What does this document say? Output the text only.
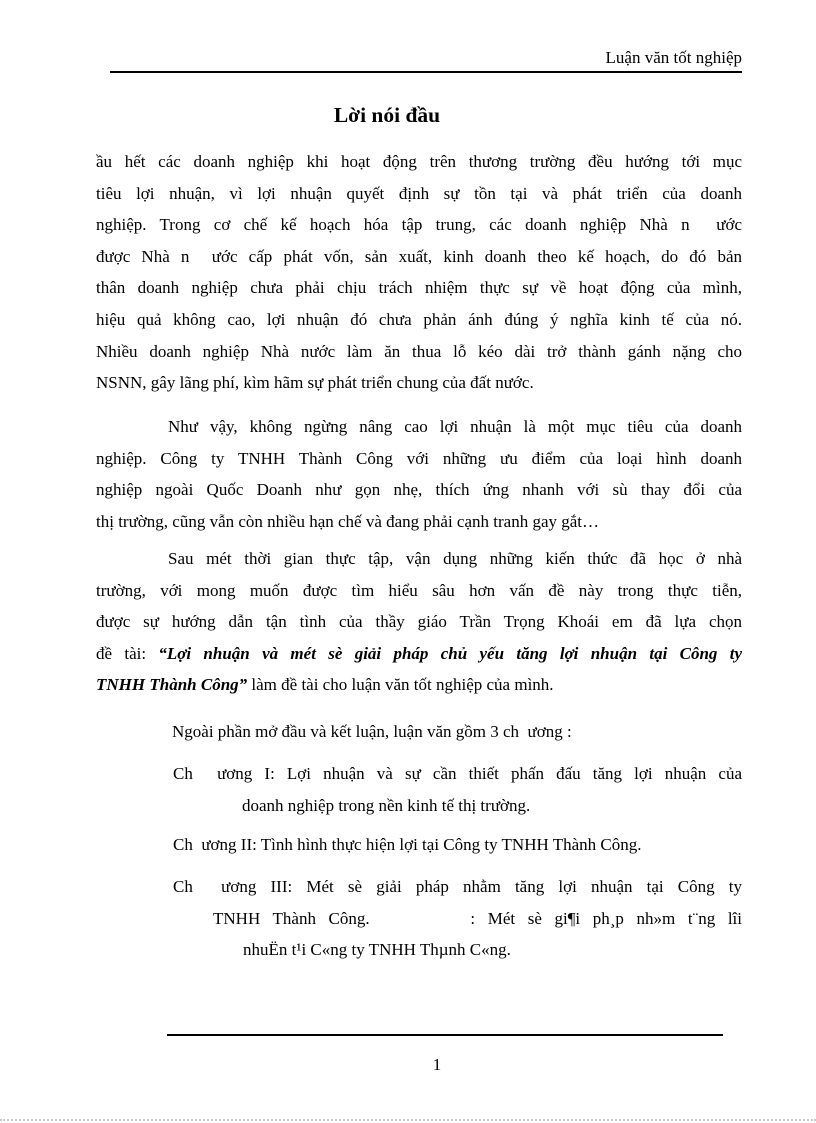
Luận văn tốt nghiệp
Lời nói đầu
ầu hết các doanh nghiệp khi hoạt động trên thương trường đều hướng tới mục
tiêu lợi nhuận, vì lợi nhuận quyết định sự tồn tại và phát triển của doanh
nghiệp. Trong cơ chế kế hoạch hóa tập trung, các doanh nghiệp Nhà n  ước
được Nhà n  ước cấp phát vốn, sản xuất, kinh doanh theo kế hoạch, do đó bản
thân doanh nghiệp chưa phải chịu trách nhiệm thực sự về hoạt động của mình,
hiệu quả không cao, lợi nhuận đó chưa phản ánh đúng ý nghĩa kinh tế của nó.
Nhiều doanh nghiệp Nhà nước làm ăn thua lỗ kéo dài trở thành gánh nặng cho
NSNN, gây lãng phí, kìm hãm sự phát triển chung của đất nước.
Như vậy, không ngừng nâng cao lợi nhuận là một mục tiêu của doanh
nghiệp. Công ty TNHH Thành Công với những ưu điểm của loại hình doanh
nghiệp ngoài Quốc Doanh như gọn nhẹ, thích ứng nhanh với sù thay đổi của
thị trường, cũng vẫn còn nhiều hạn chế và đang phải cạnh tranh gay gắt…
Sau mét thời gian thực tập, vận dụng những kiến thức đã học ở nhà
trường, với mong muốn được tìm hiểu sâu hơn vấn đề này trong thực tiễn,
được sự hướng dẫn tận tình của thầy giáo Trần Trọng Khoái em đã lựa chọn
đề tài: “Lợi nhuận và mét sè giải pháp chủ yếu tăng lợi nhuận tại Công ty
TNHH Thành Công” làm đề tài cho luận văn tốt nghiệp của mình.
Ngoài phần mở đầu và kết luận, luận văn gồm 3 ch  ương :
Ch  ương I: Lợi nhuận và sự cần thiết phấn đấu tăng lợi nhuận của
doanh nghiệp trong nền kinh tế thị trường.
Ch  ương II: Tình hình thực hiện lợi tại Công ty TNHH Thành Công.
Ch  ương III: Mét sè giải pháp nhằm tăng lợi nhuận tại Công ty
TNHH Thành Công.        : Mét sè gi¶i ph¸p nh»m t¨ng lîi
nhuËn t¹i C«ng ty TNHH Thµnh C«ng.
1
